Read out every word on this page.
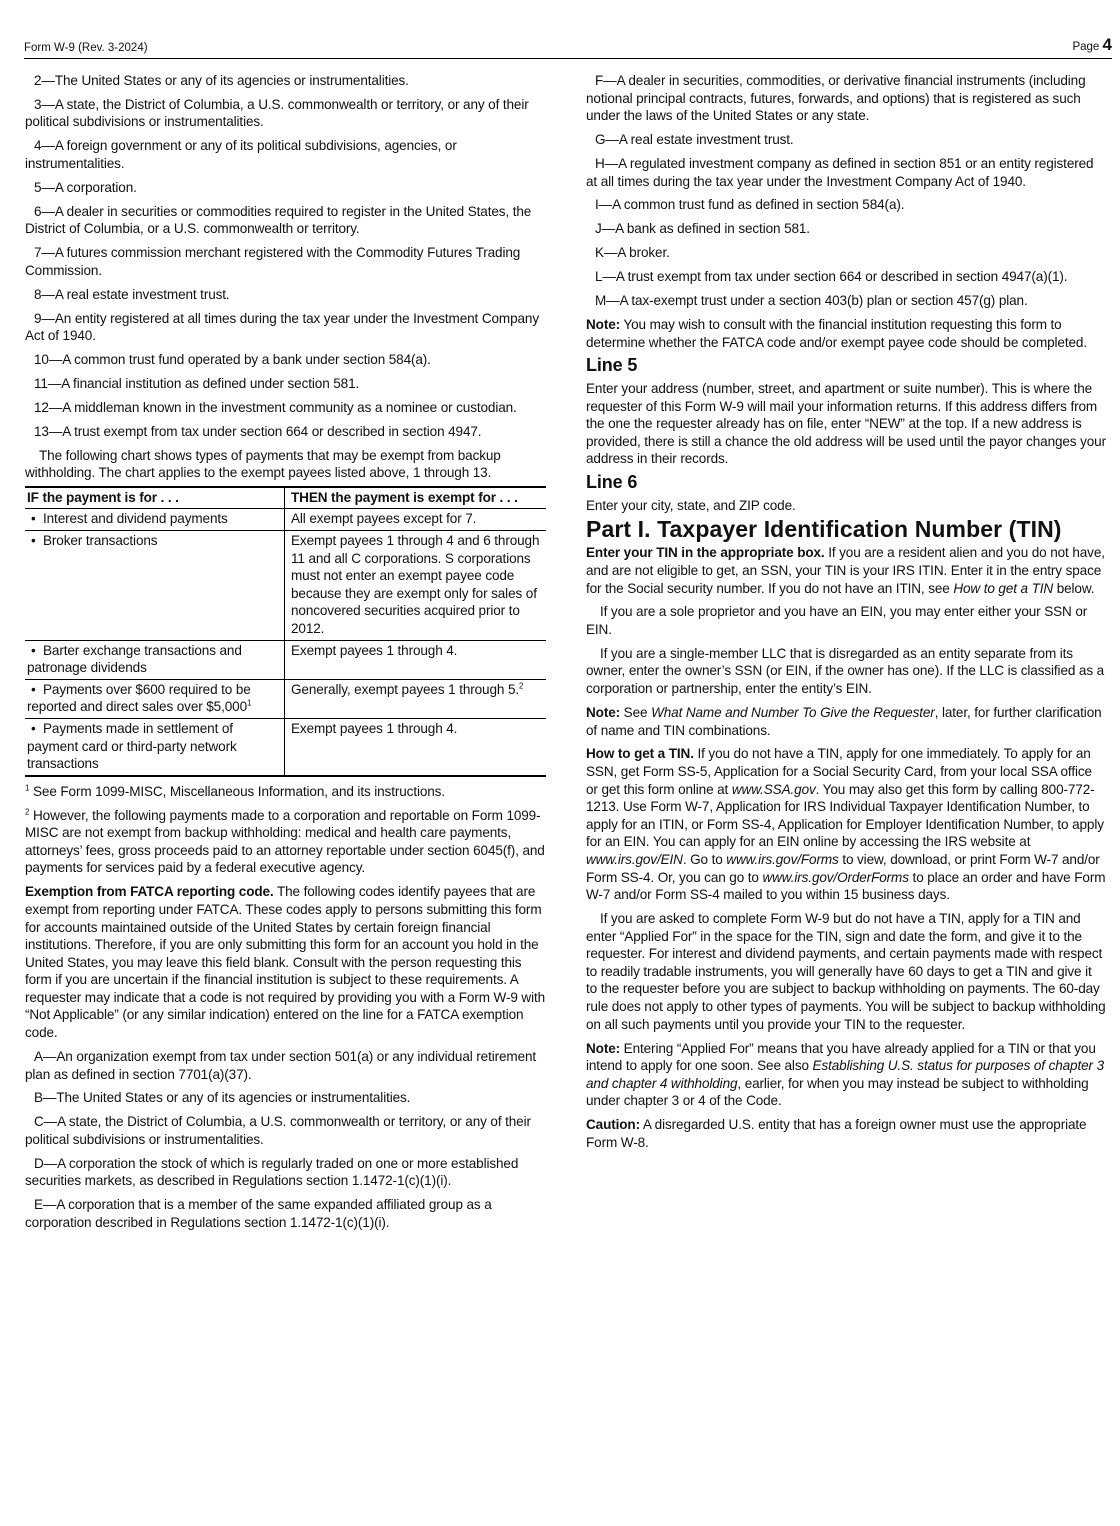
Form W-9 (Rev. 3-2024)	Page 4

2—The United States or any of its agencies or instrumentalities.

3—A state, the District of Columbia, a U.S. commonwealth or territory, or any of their political subdivisions or instrumentalities.

4—A foreign government or any of its political subdivisions, agencies, or instrumentalities.

5—A corporation.

6—A dealer in securities or commodities required to register in the United States, the District of Columbia, or a U.S. commonwealth or territory.

7—A futures commission merchant registered with the Commodity Futures Trading Commission.

8—A real estate investment trust.

9—An entity registered at all times during the tax year under the Investment Company Act of 1940.

10—A common trust fund operated by a bank under section 584(a).

11—A financial institution as defined under section 581.

12—A middleman known in the investment community as a nominee or custodian.

13—A trust exempt from tax under section 664 or described in section 4947.

The following chart shows types of payments that may be exempt from backup withholding. The chart applies to the exempt payees listed above, 1 through 13.

IF the payment is for . . .	THEN the payment is exempt for . . .
• Interest and dividend payments	All exempt payees except for 7.
• Broker transactions	Exempt payees 1 through 4 and 6 through 11 and all C corporations. S corporations must not enter an exempt payee code because they are exempt only for sales of noncovered securities acquired prior to 2012.
• Barter exchange transactions and patronage dividends	Exempt payees 1 through 4.
• Payments over $600 required to be reported and direct sales over $5,000$^1$	Generally, exempt payees 1 through 5.$^2$
• Payments made in settlement of payment card or third-party network transactions	Exempt payees 1 through 4.

$^1$ See Form 1099-MISC, Miscellaneous Information, and its instructions.

$^2$ However, the following payments made to a corporation and reportable on Form 1099-MISC are not exempt from backup withholding: medical and health care payments, attorneys’ fees, gross proceeds paid to an attorney reportable under section 6045(f), and payments for services paid by a federal executive agency.

Exemption from FATCA reporting code. The following codes identify payees that are exempt from reporting under FATCA. These codes apply to persons submitting this form for accounts maintained outside of the United States by certain foreign financial institutions. Therefore, if you are only submitting this form for an account you hold in the United States, you may leave this field blank. Consult with the person requesting this form if you are uncertain if the financial institution is subject to these requirements. A requester may indicate that a code is not required by providing you with a Form W-9 with “Not Applicable” (or any similar indication) entered on the line for a FATCA exemption code.

A—An organization exempt from tax under section 501(a) or any individual retirement plan as defined in section 7701(a)(37).

B—The United States or any of its agencies or instrumentalities.

C—A state, the District of Columbia, a U.S. commonwealth or territory, or any of their political subdivisions or instrumentalities.

D—A corporation the stock of which is regularly traded on one or more established securities markets, as described in Regulations section 1.1472-1(c)(1)(i).

E—A corporation that is a member of the same expanded affiliated group as a corporation described in Regulations section 1.1472-1(c)(1)(i).

F—A dealer in securities, commodities, or derivative financial instruments (including notional principal contracts, futures, forwards, and options) that is registered as such under the laws of the United States or any state.

G—A real estate investment trust.

H—A regulated investment company as defined in section 851 or an entity registered at all times during the tax year under the Investment Company Act of 1940.

I—A common trust fund as defined in section 584(a).

J—A bank as defined in section 581.

K—A broker.

L—A trust exempt from tax under section 664 or described in section 4947(a)(1).

M—A tax-exempt trust under a section 403(b) plan or section 457(g) plan.

Note: You may wish to consult with the financial institution requesting this form to determine whether the FATCA code and/or exempt payee code should be completed.

Line 5

Enter your address (number, street, and apartment or suite number). This is where the requester of this Form W-9 will mail your information returns. If this address differs from the one the requester already has on file, enter “NEW” at the top. If a new address is provided, there is still a chance the old address will be used until the payor changes your address in their records.

Line 6

Enter your city, state, and ZIP code.

Part I. Taxpayer Identification Number (TIN)

Enter your TIN in the appropriate box. If you are a resident alien and you do not have, and are not eligible to get, an SSN, your TIN is your IRS ITIN. Enter it in the entry space for the Social security number. If you do not have an ITIN, see How to get a TIN below.

If you are a sole proprietor and you have an EIN, you may enter either your SSN or EIN.

If you are a single-member LLC that is disregarded as an entity separate from its owner, enter the owner’s SSN (or EIN, if the owner has one). If the LLC is classified as a corporation or partnership, enter the entity’s EIN.

Note: See What Name and Number To Give the Requester, later, for further clarification of name and TIN combinations.

How to get a TIN. If you do not have a TIN, apply for one immediately. To apply for an SSN, get Form SS-5, Application for a Social Security Card, from your local SSA office or get this form online at www.SSA.gov. You may also get this form by calling 800-772-1213. Use Form W-7, Application for IRS Individual Taxpayer Identification Number, to apply for an ITIN, or Form SS-4, Application for Employer Identification Number, to apply for an EIN. You can apply for an EIN online by accessing the IRS website at www.irs.gov/EIN. Go to www.irs.gov/Forms to view, download, or print Form W-7 and/or Form SS-4. Or, you can go to www.irs.gov/OrderForms to place an order and have Form W-7 and/or Form SS-4 mailed to you within 15 business days.

If you are asked to complete Form W-9 but do not have a TIN, apply for a TIN and enter “Applied For” in the space for the TIN, sign and date the form, and give it to the requester. For interest and dividend payments, and certain payments made with respect to readily tradable instruments, you will generally have 60 days to get a TIN and give it to the requester before you are subject to backup withholding on payments. The 60-day rule does not apply to other types of payments. You will be subject to backup withholding on all such payments until you provide your TIN to the requester.

Note: Entering “Applied For” means that you have already applied for a TIN or that you intend to apply for one soon. See also Establishing U.S. status for purposes of chapter 3 and chapter 4 withholding, earlier, for when you may instead be subject to withholding under chapter 3 or 4 of the Code.

Caution: A disregarded U.S. entity that has a foreign owner must use the appropriate Form W-8.
